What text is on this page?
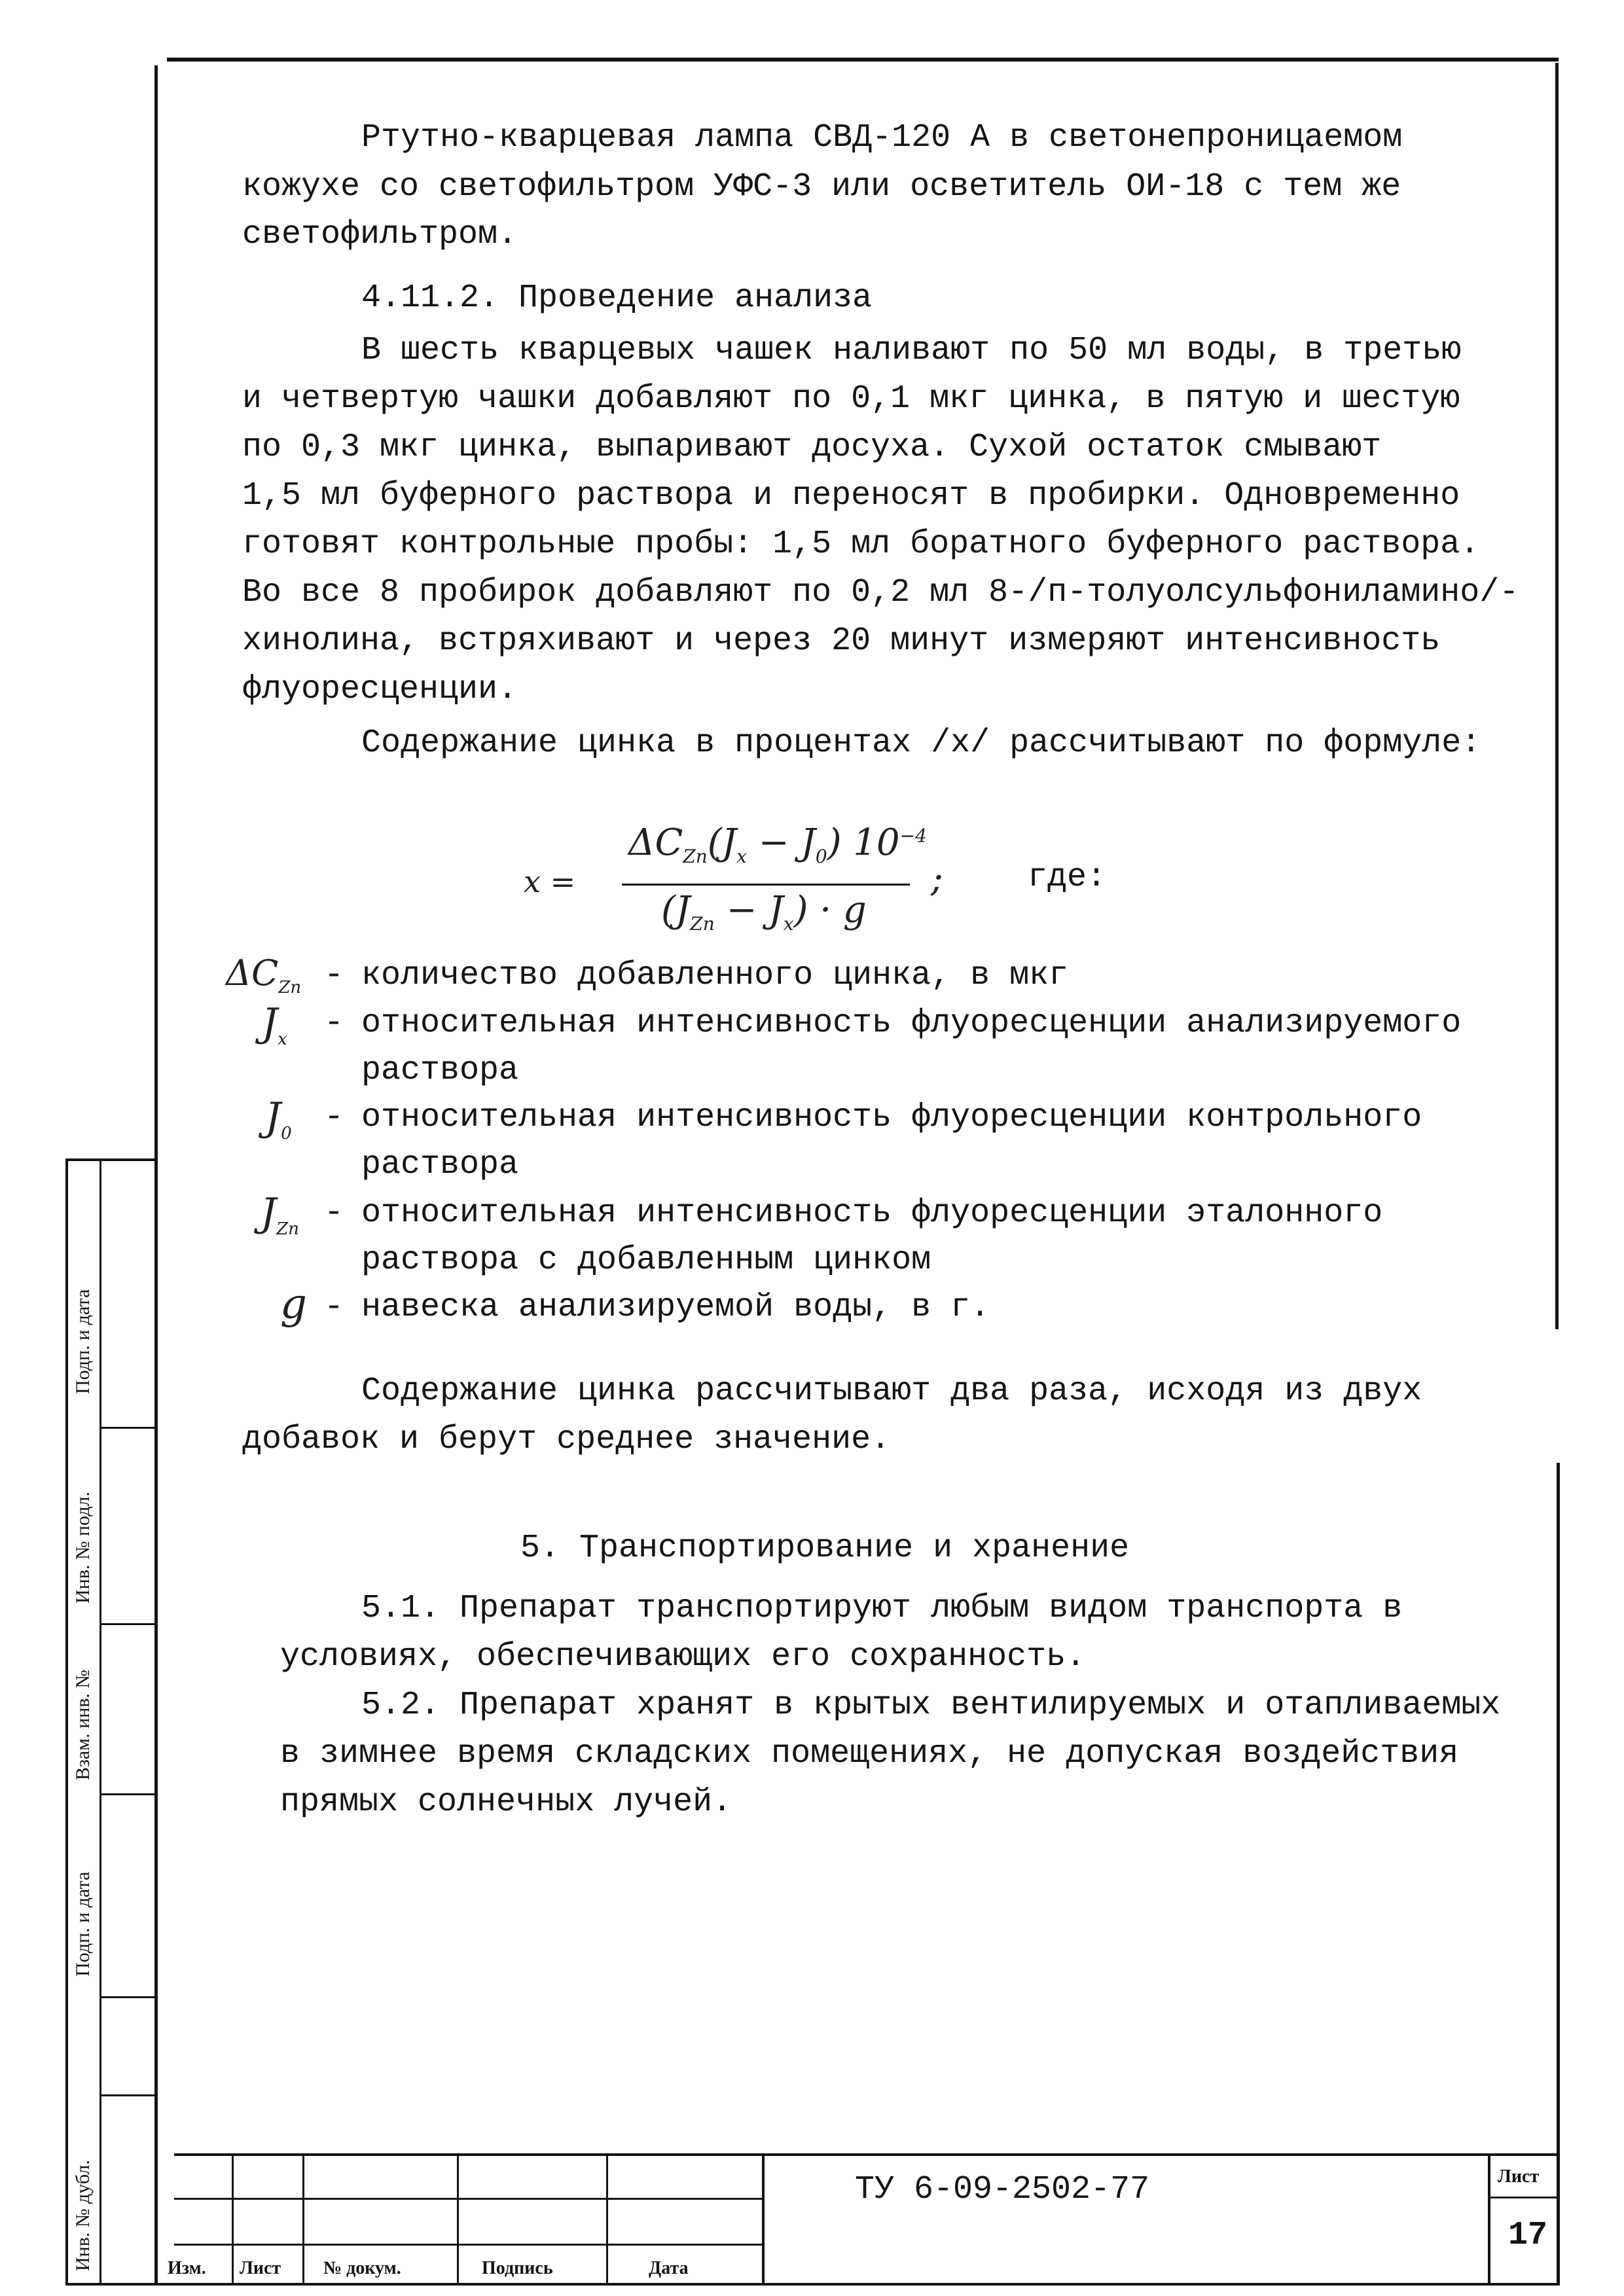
Подп. и дата
Инв. № подл.
Взам. инв. №
Подп. и дата
Инв. № дубл.
Ртутно-кварцевая лампа СВД-120 А в светонепроницаемом
кожухе со светофильтром УФС-3 или осветитель ОИ-18 с тем же
светофильтром.
4.11.2. Проведение анализа
В шесть кварцевых чашек наливают по 50 мл воды, в третью
и четвертую чашки добавляют по 0,1 мкг цинка, в пятую и шестую
по 0,3 мкг цинка, выпаривают досуха. Сухой остаток смывают
1,5 мл буферного раствора и переносят в пробирки. Одновременно
готовят контрольные пробы: 1,5 мл боратного буферного раствора.
Во все 8 пробирок добавляют по 0,2 мл 8-/п-толуолсульфониламино/-
хинолина, встряхивают и через 20 минут измеряют интенсивность
флуоресценции.
Содержание цинка в процентах /х/ рассчитывают по формуле:
x =
$\Delta C_{Zn}(J_x - J_0)$ $10^{-4}$
$(J_{Zn} - J_x) \cdot g$
;	где:
$\Delta C_{Zn}$ - количество добавленного цинка, в мкг
$J_x$ - относительная интенсивность флуоресценции анализируемого
раствора
$J_0$ - относительная интенсивность флуоресценции контрольного
раствора
$J_{Zn}$ - относительная интенсивность флуоресценции эталонного
раствора с добавленным цинком
g - навеска анализируемой воды, в г.
Содержание цинка рассчитывают два раза, исходя из двух
добавок и берут среднее значение.
5. Транспортирование и хранение
5.1. Препарат транспортируют любым видом транспорта в
условиях, обеспечивающих его сохранность.
5.2. Препарат хранят в крытых вентилируемых и отапливаемых
в зимнее время складских помещениях, не допуская воздействия
прямых солнечных лучей.
Изм. Лист № докум.	Подпись	Дата
ТУ 6-09-2502-77	Лист
17
